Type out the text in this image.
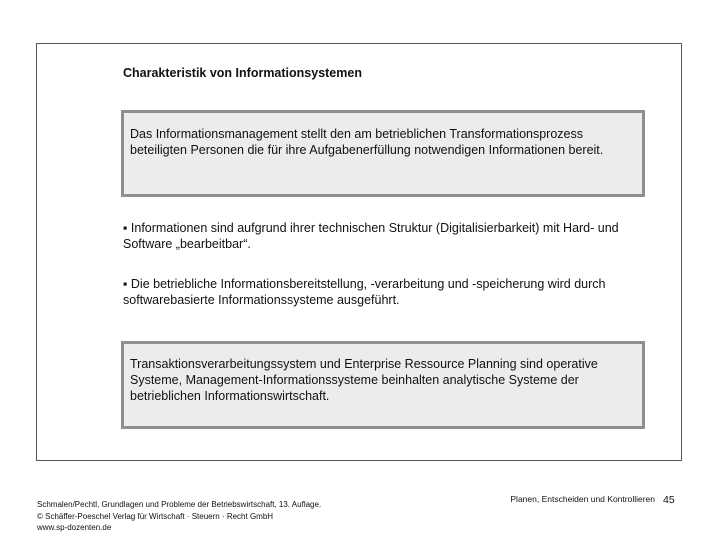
Charakteristik von Informationsystemen
Das Informationsmanagement stellt den am betrieblichen Transformationsprozess beteiligten Personen die für ihre Aufgabenerfüllung notwendigen Informationen bereit.
▪ Informationen sind aufgrund ihrer technischen Struktur (Digitalisierbarkeit) mit Hard- und Software „bearbeitbar“.
▪ Die betriebliche Informationsbereitstellung, -verarbeitung und -speicherung wird durch softwarebasierte Informationssysteme ausgeführt.
Transaktionsverarbeitungssystem und Enterprise Ressource Planning sind operative Systeme, Management-Informationssysteme beinhalten analytische Systeme der betrieblichen Informationswirtschaft.
Schmalen/Pechtl, Grundlagen und Probleme der Betriebswirtschaft, 13. Auflage.
© Schäffer-Poeschel Verlag für Wirtschaft · Steuern · Recht GmbH
www.sp-dozenten.de
Planen, Entscheiden und Kontrollieren 45
